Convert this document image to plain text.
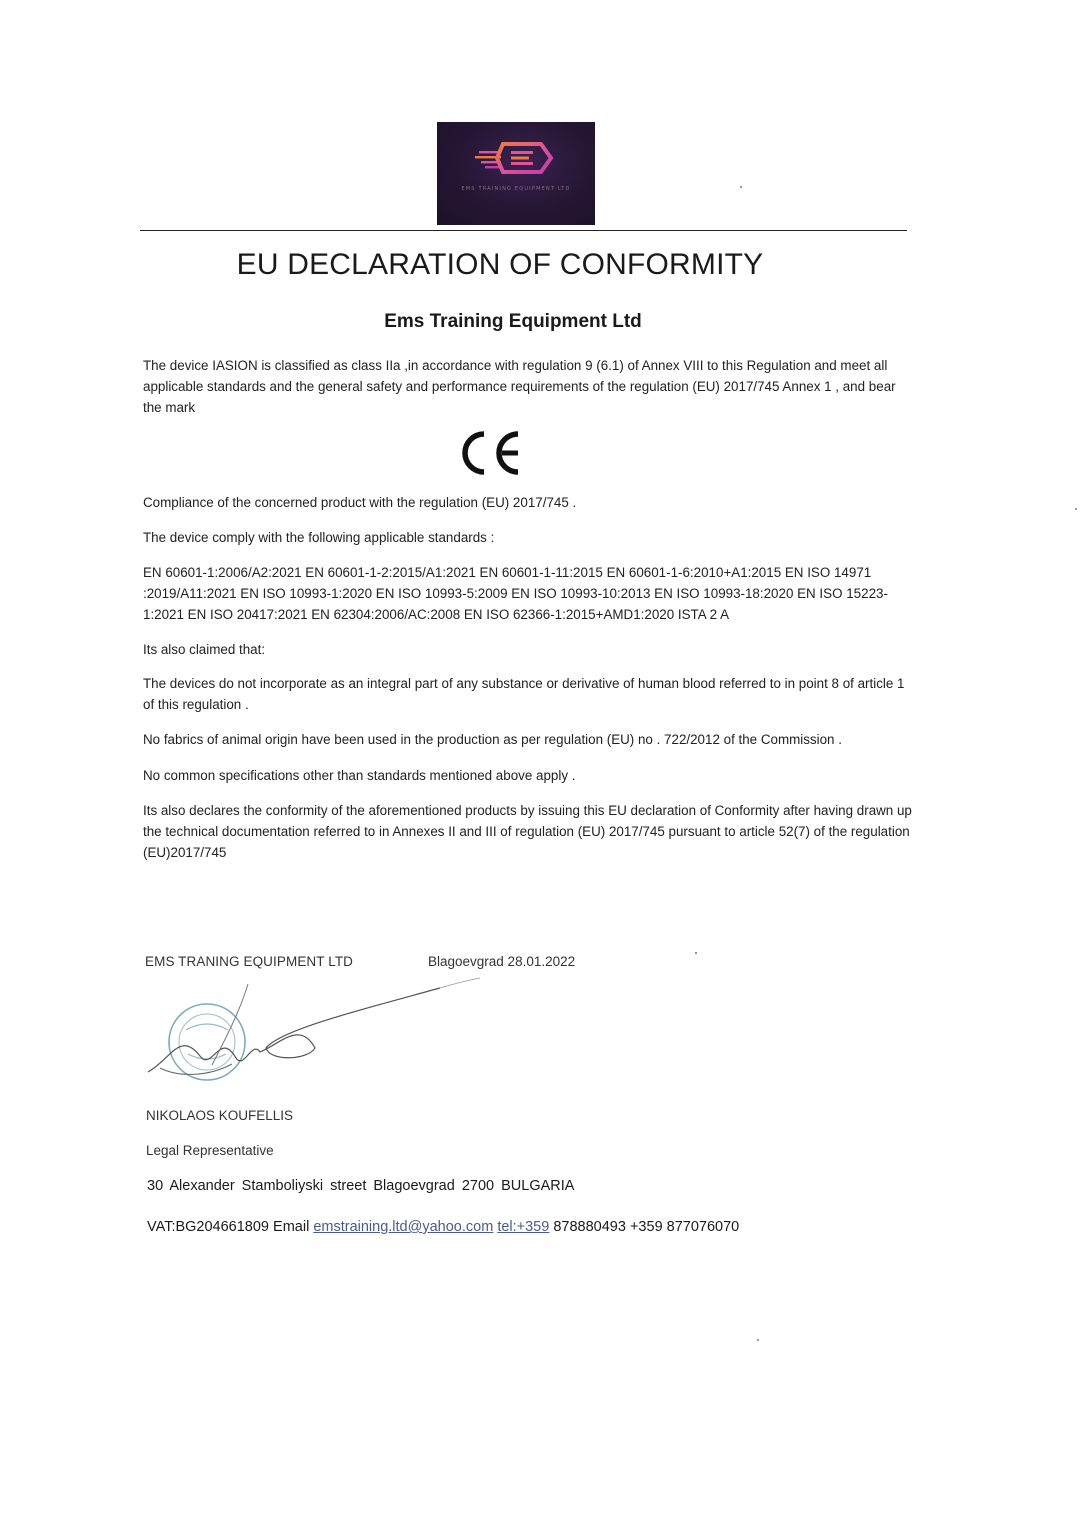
EMS TRAINING EQUIPMENT LTD
EU DECLARATION OF CONFORMITY
Ems Training Equipment Ltd
The device IASION is classified as class IIa ,in accordance with regulation 9 (6.1) of Annex VIII to this Regulation and meet all applicable standards and the general safety and performance requirements of the regulation (EU) 2017/745 Annex 1 , and bear the mark
Compliance of the concerned product with the regulation (EU) 2017/745 .
The device comply with the following applicable standards :
EN 60601-1:2006/A2:2021 EN 60601-1-2:2015/A1:2021 EN 60601-1-11:2015 EN 60601-1-6:2010+A1:2015 EN ISO 14971 :2019/A11:2021 EN ISO 10993-1:2020 EN ISO 10993-5:2009 EN ISO 10993-10:2013 EN ISO 10993-18:2020 EN ISO 15223-1:2021 EN ISO 20417:2021 EN 62304:2006/AC:2008 EN ISO 62366-1:2015+AMD1:2020 ISTA 2 A
Its also claimed that:
The devices do not incorporate as an integral part of any substance or derivative of human blood referred to in point 8 of article 1 of this regulation .
No fabrics of animal origin have been used in the production as per regulation (EU) no . 722/2012 of the Commission .
No common specifications other than standards mentioned above apply .
Its also declares the conformity of the aforementioned products by issuing this EU declaration of Conformity after having drawn up the technical documentation referred to in Annexes II and III of regulation (EU) 2017/745 pursuant to article 52(7) of the regulation (EU)2017/745
EMS TRANING EQUIPMENT LTD	Blagoevgrad 28.01.2022
NIKOLAOS KOUFELLIS
Legal Representative
30 Alexander Stamboliyski street Blagoevgrad 2700 BULGARIA
VAT:BG204661809 Email emstraining.ltd@yahoo.com tel:+359 878880493 +359 877076070
